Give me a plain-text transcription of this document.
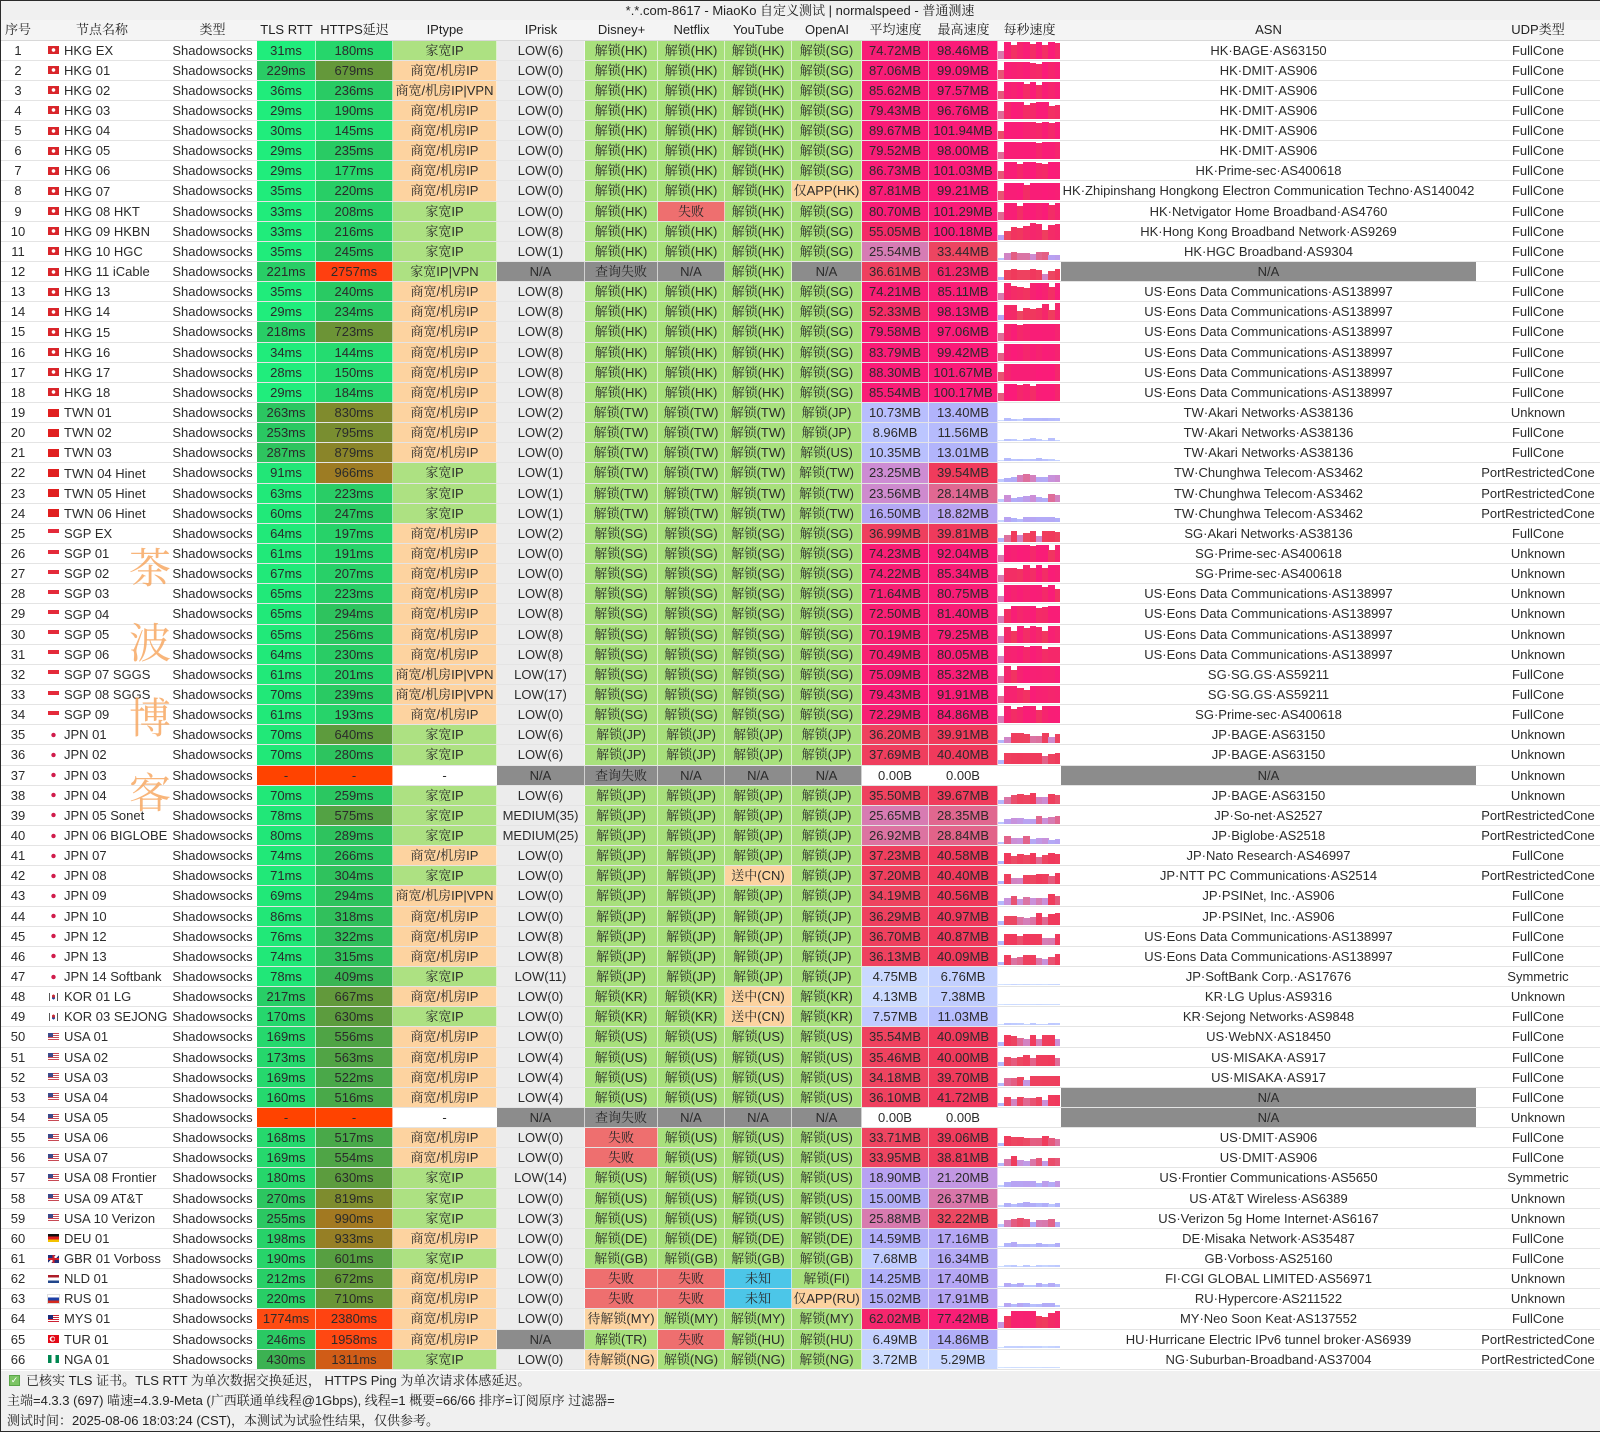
*.*.com-8617 - MiaoKo 自定义测试 | normalspeed - 普通测速
序号	节点名称	类型	TLS RTT HTTPS延迟	IPtype	IPrisk	Disney+	Netflix	YouTube	OpenAI	平均速度	最高速度	每秒速度	ASN	UDP类型
1	HKG EX	Shadowsocks	31ms	180ms	家宽IP	LOW(6)	解锁(HK)	解锁(HK)	解锁(HK)	解锁(SG)	74.72MB	98.46MB	HK·BAGE·AS63150	FullCone
2	HKG 01	Shadowsocks	229ms	679ms	商宽/机房IP	LOW(0)	解锁(HK)	解锁(HK)	解锁(HK)	解锁(SG)	87.06MB	99.09MB	HK·DMIT·AS906	FullCone
3	HKG 02	Shadowsocks	36ms	236ms	商宽/机房IP|VPN	LOW(0)	解锁(HK)	解锁(HK)	解锁(HK)	解锁(SG)	85.62MB	97.57MB	HK·DMIT·AS906	FullCone
4	HKG 03	Shadowsocks	29ms	190ms	商宽/机房IP	LOW(0)	解锁(HK)	解锁(HK)	解锁(HK)	解锁(SG)	79.43MB	96.76MB	HK·DMIT·AS906	FullCone
5	HKG 04	Shadowsocks	30ms	145ms	商宽/机房IP	LOW(0)	解锁(HK)	解锁(HK)	解锁(HK)	解锁(SG)	89.67MB 101.94MB	HK·DMIT·AS906	FullCone
6	HKG 05	Shadowsocks	29ms	235ms	商宽/机房IP	LOW(0)	解锁(HK)	解锁(HK)	解锁(HK)	解锁(SG)	79.52MB	98.00MB	HK·DMIT·AS906	FullCone
7	HKG 06	Shadowsocks	29ms	177ms	商宽/机房IP	LOW(0)	解锁(HK)	解锁(HK)	解锁(HK)	解锁(SG)	86.73MB 101.03MB	HK·Prime-sec·AS400618	FullCone
8	HKG 07	Shadowsocks	35ms	220ms	商宽/机房IP	LOW(0)	解锁(HK)	解锁(HK)	解锁(HK) 仅APP(HK) 87.81MB	99.21MB	HK·Zhipinshang Hongkong Electron Communication Techno·AS140042	FullCone
9	HKG 08 HKT	Shadowsocks	33ms	208ms	家宽IP	LOW(0)	解锁(HK)	失败	解锁(HK)	解锁(SG)	80.70MB 101.29MB	HK·Netvigator Home Broadband·AS4760	FullCone
10	HKG 09 HKBN	Shadowsocks	33ms	216ms	家宽IP	LOW(8)	解锁(HK)	解锁(HK)	解锁(HK)	解锁(SG)	55.05MB 100.18MB	HK·Hong Kong Broadband Network·AS9269	FullCone
11	HKG 10 HGC	Shadowsocks	35ms	245ms	家宽IP	LOW(1)	解锁(HK)	解锁(HK)	解锁(HK)	解锁(SG)	25.54MB	33.44MB	HK·HGC Broadband·AS9304	FullCone
12	HKG 11 iCable	Shadowsocks	221ms	2757ms	家宽IP|VPN	N/A	查询失败	N/A	解锁(HK)	N/A	36.61MB	61.23MB	N/A	FullCone
13	HKG 13	Shadowsocks	35ms	240ms	商宽/机房IP	LOW(8)	解锁(HK)	解锁(HK)	解锁(HK)	解锁(SG)	74.21MB	85.11MB	US·Eons Data Communications·AS138997	FullCone
14	HKG 14	Shadowsocks	29ms	234ms	商宽/机房IP	LOW(8)	解锁(HK)	解锁(HK)	解锁(HK)	解锁(SG)	52.33MB	98.13MB	US·Eons Data Communications·AS138997	FullCone
15	HKG 15	Shadowsocks	218ms	723ms	商宽/机房IP	LOW(8)	解锁(HK)	解锁(HK)	解锁(HK)	解锁(SG)	79.58MB	97.06MB	US·Eons Data Communications·AS138997	FullCone
16	HKG 16	Shadowsocks	34ms	144ms	商宽/机房IP	LOW(8)	解锁(HK)	解锁(HK)	解锁(HK)	解锁(SG)	83.79MB	99.42MB	US·Eons Data Communications·AS138997	FullCone
17	HKG 17	Shadowsocks	28ms	150ms	商宽/机房IP	LOW(8)	解锁(HK)	解锁(HK)	解锁(HK)	解锁(SG)	88.30MB 101.67MB	US·Eons Data Communications·AS138997	FullCone
18	HKG 18	Shadowsocks	29ms	184ms	商宽/机房IP	LOW(8)	解锁(HK)	解锁(HK)	解锁(HK)	解锁(SG)	85.54MB 100.17MB	US·Eons Data Communications·AS138997	FullCone
19	TWN 01	Shadowsocks	263ms	830ms	商宽/机房IP	LOW(2)	解锁(TW)	解锁(TW) 解锁(TW)	解锁(JP)	10.73MB	13.40MB	TW·Akari Networks·AS38136	Unknown
20	TWN 02	Shadowsocks	253ms	795ms	商宽/机房IP	LOW(2)	解锁(TW)	解锁(TW) 解锁(TW)	解锁(JP)	8.96MB	11.56MB	TW·Akari Networks·AS38136	FullCone
21	TWN 03	Shadowsocks	287ms	879ms	商宽/机房IP	LOW(0)	解锁(TW)	解锁(TW) 解锁(TW)	解锁(US)	10.35MB	13.01MB	TW·Akari Networks·AS38136	FullCone
22	TWN 04 Hinet	Shadowsocks	91ms	966ms	家宽IP	LOW(1)	解锁(TW)	解锁(TW) 解锁(TW)	解锁(TW)	23.25MB	39.54MB	TW·Chunghwa Telecom·AS3462	PortRestrictedCone
23	TWN 05 Hinet	Shadowsocks	63ms	223ms	家宽IP	LOW(1)	解锁(TW)	解锁(TW) 解锁(TW)	解锁(TW)	23.56MB	28.14MB	TW·Chunghwa Telecom·AS3462	PortRestrictedCone
24	TWN 06 Hinet	Shadowsocks	60ms	247ms	家宽IP	LOW(1)	解锁(TW)	解锁(TW) 解锁(TW)	解锁(TW)	16.50MB	18.82MB	TW·Chunghwa Telecom·AS3462	PortRestrictedCone
25	SGP EX	Shadowsocks	64ms	197ms	商宽/机房IP	LOW(2)	解锁(SG)	解锁(SG)	解锁(SG)	解锁(SG)	36.99MB	39.81MB	SG·Akari Networks·AS38136	FullCone
26	SGP 01	Shadowsocks	61ms	191ms	商宽/机房IP	LOW(0)	解锁(SG)	解锁(SG)	解锁(SG)	解锁(SG)	74.23MB	92.04MB	SG·Prime-sec·AS400618	Unknown
27	SGP 02	Shadowsocks	67ms	207ms	商宽/机房IP	LOW(0)	解锁(SG)	解锁(SG)	解锁(SG)	解锁(SG)	74.22MB	85.34MB	SG·Prime-sec·AS400618	Unknown
28	SGP 03	Shadowsocks	65ms	223ms	商宽/机房IP	LOW(8)	解锁(SG)	解锁(SG)	解锁(SG)	解锁(SG)	71.64MB	80.75MB	US·Eons Data Communications·AS138997	Unknown
29	SGP 04	Shadowsocks	65ms	294ms	商宽/机房IP	LOW(8)	解锁(SG)	解锁(SG)	解锁(SG)	解锁(SG)	72.50MB	81.40MB	US·Eons Data Communications·AS138997	Unknown
30	SGP 05	Shadowsocks	65ms	256ms	商宽/机房IP	LOW(8)	解锁(SG)	解锁(SG)	解锁(SG)	解锁(SG)	70.19MB	79.25MB	US·Eons Data Communications·AS138997	Unknown
31	SGP 06	Shadowsocks	64ms	230ms	商宽/机房IP	LOW(8)	解锁(SG)	解锁(SG)	解锁(SG)	解锁(SG)	70.49MB	80.05MB	US·Eons Data Communications·AS138997	Unknown
32	SGP 07 SGGS	Shadowsocks	61ms	201ms	商宽/机房IP|VPN	LOW(17)	解锁(SG)	解锁(SG)	解锁(SG)	解锁(SG)	75.09MB	85.32MB	SG·SG.GS·AS59211	FullCone
33	SGP 08 SGGS	Shadowsocks	70ms	239ms	商宽/机房IP|VPN	LOW(17)	解锁(SG)	解锁(SG)	解锁(SG)	解锁(SG)	79.43MB	91.91MB	SG·SG.GS·AS59211	FullCone
34	SGP 09	Shadowsocks	61ms	193ms	商宽/机房IP	LOW(0)	解锁(SG)	解锁(SG)	解锁(SG)	解锁(SG)	72.29MB	84.86MB	SG·Prime-sec·AS400618	FullCone
35	JPN 01	Shadowsocks	70ms	640ms	家宽IP	LOW(6)	解锁(JP)	解锁(JP)	解锁(JP)	解锁(JP)	36.20MB	39.91MB	JP·BAGE·AS63150	Unknown
36	JPN 02	Shadowsocks	70ms	280ms	家宽IP	LOW(6)	解锁(JP)	解锁(JP)	解锁(JP)	解锁(JP)	37.69MB	40.40MB	JP·BAGE·AS63150	Unknown
37	JPN 03	Shadowsocks	-	-	-	N/A	查询失败	N/A	N/A	N/A	0.00B	0.00B	N/A	Unknown
38	JPN 04	Shadowsocks	70ms	259ms	家宽IP	LOW(6)	解锁(JP)	解锁(JP)	解锁(JP)	解锁(JP)	35.50MB	39.67MB	JP·BAGE·AS63150	Unknown
39	JPN 05 Sonet	Shadowsocks	78ms	575ms	家宽IP	MEDIUM(35)	解锁(JP)	解锁(JP)	解锁(JP)	解锁(JP)	25.65MB	28.35MB	JP·So-net·AS2527	PortRestrictedCone
40	JPN 06 BIGLOBE Shadowsocks	80ms	289ms	家宽IP	MEDIUM(25)	解锁(JP)	解锁(JP)	解锁(JP)	解锁(JP)	26.92MB	28.84MB	JP·Biglobe·AS2518	PortRestrictedCone
41	JPN 07	Shadowsocks	74ms	266ms	商宽/机房IP	LOW(0)	解锁(JP)	解锁(JP)	解锁(JP)	解锁(JP)	37.23MB	40.58MB	JP·Nato Research·AS46997	FullCone
42	JPN 08	Shadowsocks	71ms	304ms	家宽IP	LOW(0)	解锁(JP)	解锁(JP)	送中(CN)	解锁(JP)	37.20MB	40.40MB	JP·NTT PC Communications·AS2514	PortRestrictedCone
43	JPN 09	Shadowsocks	69ms	294ms	商宽/机房IP|VPN	LOW(0)	解锁(JP)	解锁(JP)	解锁(JP)	解锁(JP)	34.19MB	40.56MB	JP·PSINet, Inc.·AS906	FullCone
44	JPN 10	Shadowsocks	86ms	318ms	商宽/机房IP	LOW(0)	解锁(JP)	解锁(JP)	解锁(JP)	解锁(JP)	36.29MB	40.97MB	JP·PSINet, Inc.·AS906	FullCone
45	JPN 12	Shadowsocks	76ms	322ms	商宽/机房IP	LOW(8)	解锁(JP)	解锁(JP)	解锁(JP)	解锁(JP)	36.70MB	40.87MB	US·Eons Data Communications·AS138997	FullCone
46	JPN 13	Shadowsocks	74ms	315ms	商宽/机房IP	LOW(8)	解锁(JP)	解锁(JP)	解锁(JP)	解锁(JP)	36.13MB	40.09MB	US·Eons Data Communications·AS138997	FullCone
47	JPN 14 Softbank Shadowsocks	78ms	409ms	家宽IP	LOW(11)	解锁(JP)	解锁(JP)	解锁(JP)	解锁(JP)	4.75MB	6.76MB	JP·SoftBank Corp.·AS17676	Symmetric
48	KOR 01 LG	Shadowsocks	217ms	667ms	商宽/机房IP	LOW(0)	解锁(KR)	解锁(KR)	送中(CN)	解锁(KR)	4.13MB	7.38MB	KR·LG Uplus·AS9316	Unknown
49	KOR 03 SEJONG Shadowsocks	170ms	630ms	家宽IP	LOW(0)	解锁(KR)	解锁(KR)	送中(CN)	解锁(KR)	7.57MB	11.03MB	KR·Sejong Networks·AS9848	FullCone
50	USA 01	Shadowsocks	169ms	556ms	商宽/机房IP	LOW(0)	解锁(US)	解锁(US)	解锁(US)	解锁(US)	35.54MB	40.09MB	US·WebNX·AS18450	FullCone
51	USA 02	Shadowsocks	173ms	563ms	商宽/机房IP	LOW(4)	解锁(US)	解锁(US)	解锁(US)	解锁(US)	35.46MB	40.00MB	US·MISAKA·AS917	FullCone
52	USA 03	Shadowsocks	169ms	522ms	商宽/机房IP	LOW(4)	解锁(US)	解锁(US)	解锁(US)	解锁(US)	34.18MB	39.70MB	US·MISAKA·AS917	FullCone
53	USA 04	Shadowsocks	160ms	516ms	商宽/机房IP	LOW(4)	解锁(US)	解锁(US)	解锁(US)	解锁(US)	36.10MB	41.72MB	N/A	FullCone
54	USA 05	Shadowsocks	-	-	-	N/A	查询失败	N/A	N/A	N/A	0.00B	0.00B	N/A	Unknown
55	USA 06	Shadowsocks	168ms	517ms	商宽/机房IP	LOW(0)	失败	解锁(US)	解锁(US)	解锁(US)	33.71MB	39.06MB	US·DMIT·AS906	FullCone
56	USA 07	Shadowsocks	169ms	554ms	商宽/机房IP	LOW(0)	失败	解锁(US)	解锁(US)	解锁(US)	33.95MB	38.81MB	US·DMIT·AS906	FullCone
57	USA 08 Frontier	Shadowsocks	180ms	630ms	家宽IP	LOW(14)	解锁(US)	解锁(US)	解锁(US)	解锁(US)	18.90MB	21.20MB	US·Frontier Communications·AS5650	Symmetric
58	USA 09 AT&T	Shadowsocks	270ms	819ms	家宽IP	LOW(0)	解锁(US)	解锁(US)	解锁(US)	解锁(US)	15.00MB	26.37MB	US·AT&T Wireless·AS6389	Unknown
59	USA 10 Verizon	Shadowsocks	255ms	990ms	家宽IP	LOW(3)	解锁(US)	解锁(US)	解锁(US)	解锁(US)	25.88MB	32.22MB	US·Verizon 5g Home Internet·AS6167	Unknown
60	DEU 01	Shadowsocks	198ms	933ms	商宽/机房IP	LOW(0)	解锁(DE)	解锁(DE)	解锁(DE)	解锁(DE)	14.59MB	17.16MB	DE·Misaka Network·AS35487	FullCone
61	GBR 01 Vorboss Shadowsocks	190ms	601ms	家宽IP	LOW(0)	解锁(GB)	解锁(GB)	解锁(GB)	解锁(GB)	7.68MB	16.34MB	GB·Vorboss·AS25160	FullCone
62	NLD 01	Shadowsocks	212ms	672ms	商宽/机房IP	LOW(0)	失败	失败	未知	解锁(FI)	14.25MB	17.40MB	FI·CGI GLOBAL LIMITED·AS56971	Unknown
63	RUS 01	Shadowsocks	220ms	710ms	商宽/机房IP	LOW(0)	失败	失败	未知	仅APP(RU) 15.02MB	17.91MB	RU·Hypercore·AS211522	Unknown
64	MYS 01	Shadowsocks 1774ms	2380ms	商宽/机房IP	LOW(0)	待解锁(MY) 解锁(MY) 解锁(MY)	解锁(MY)	62.02MB	77.42MB	MY·Neo Soon Keat·AS137552	FullCone
65	TUR 01	Shadowsocks	246ms	1958ms	商宽/机房IP	N/A	解锁(TR)	失败	解锁(HU)	解锁(HU)	6.49MB	14.86MB	HU·Hurricane Electric IPv6 tunnel broker·AS6939	PortRestrictedCone
66	NGA 01	Shadowsocks	430ms	1311ms	家宽IP	LOW(0)	待解锁(NG) 解锁(NG) 解锁(NG)	解锁(NG)	3.72MB	5.29MB	NG·Suburban-Broadband·AS37004	PortRestrictedCone
茶
波
博
客
✓ 已核实 TLS 证书。TLS RTT 为单次数据交换延迟， HTTPS Ping 为单次请求体感延迟。
主端=4.3.3 (697) 喵速=4.3.9-Meta (广西联通单线程@1Gbps), 线程=1 概要=66/66 排序=订阅原序 过滤器=
测试时间：2025-08-06 18:03:24 (CST)，本测试为试验性结果，仅供参考。
